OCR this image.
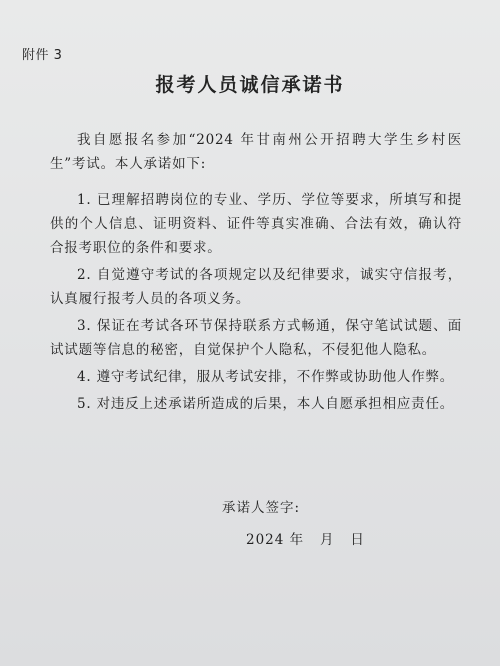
附件 3
报考人员诚信承诺书

我自愿报名参加“2024 年甘南州公开招聘大学生乡村医生”考试。本人承诺如下:

1. 已理解招聘岗位的专业、学历、学位等要求，所填写和提供的个人信息、证明资料、证件等真实准确、合法有效，确认符合报考职位的条件和要求。

2. 自觉遵守考试的各项规定以及纪律要求，诚实守信报考，认真履行报考人员的各项义务。

3. 保证在考试各环节保持联系方式畅通，保守笔试试题、面试试题等信息的秘密，自觉保护个人隐私，不侵犯他人隐私。

4. 遵守考试纪律，服从考试安排，不作弊或协助他人作弊。

5. 对违反上述承诺所造成的后果，本人自愿承担相应责任。

承诺人签字:
2024 年   月   日
